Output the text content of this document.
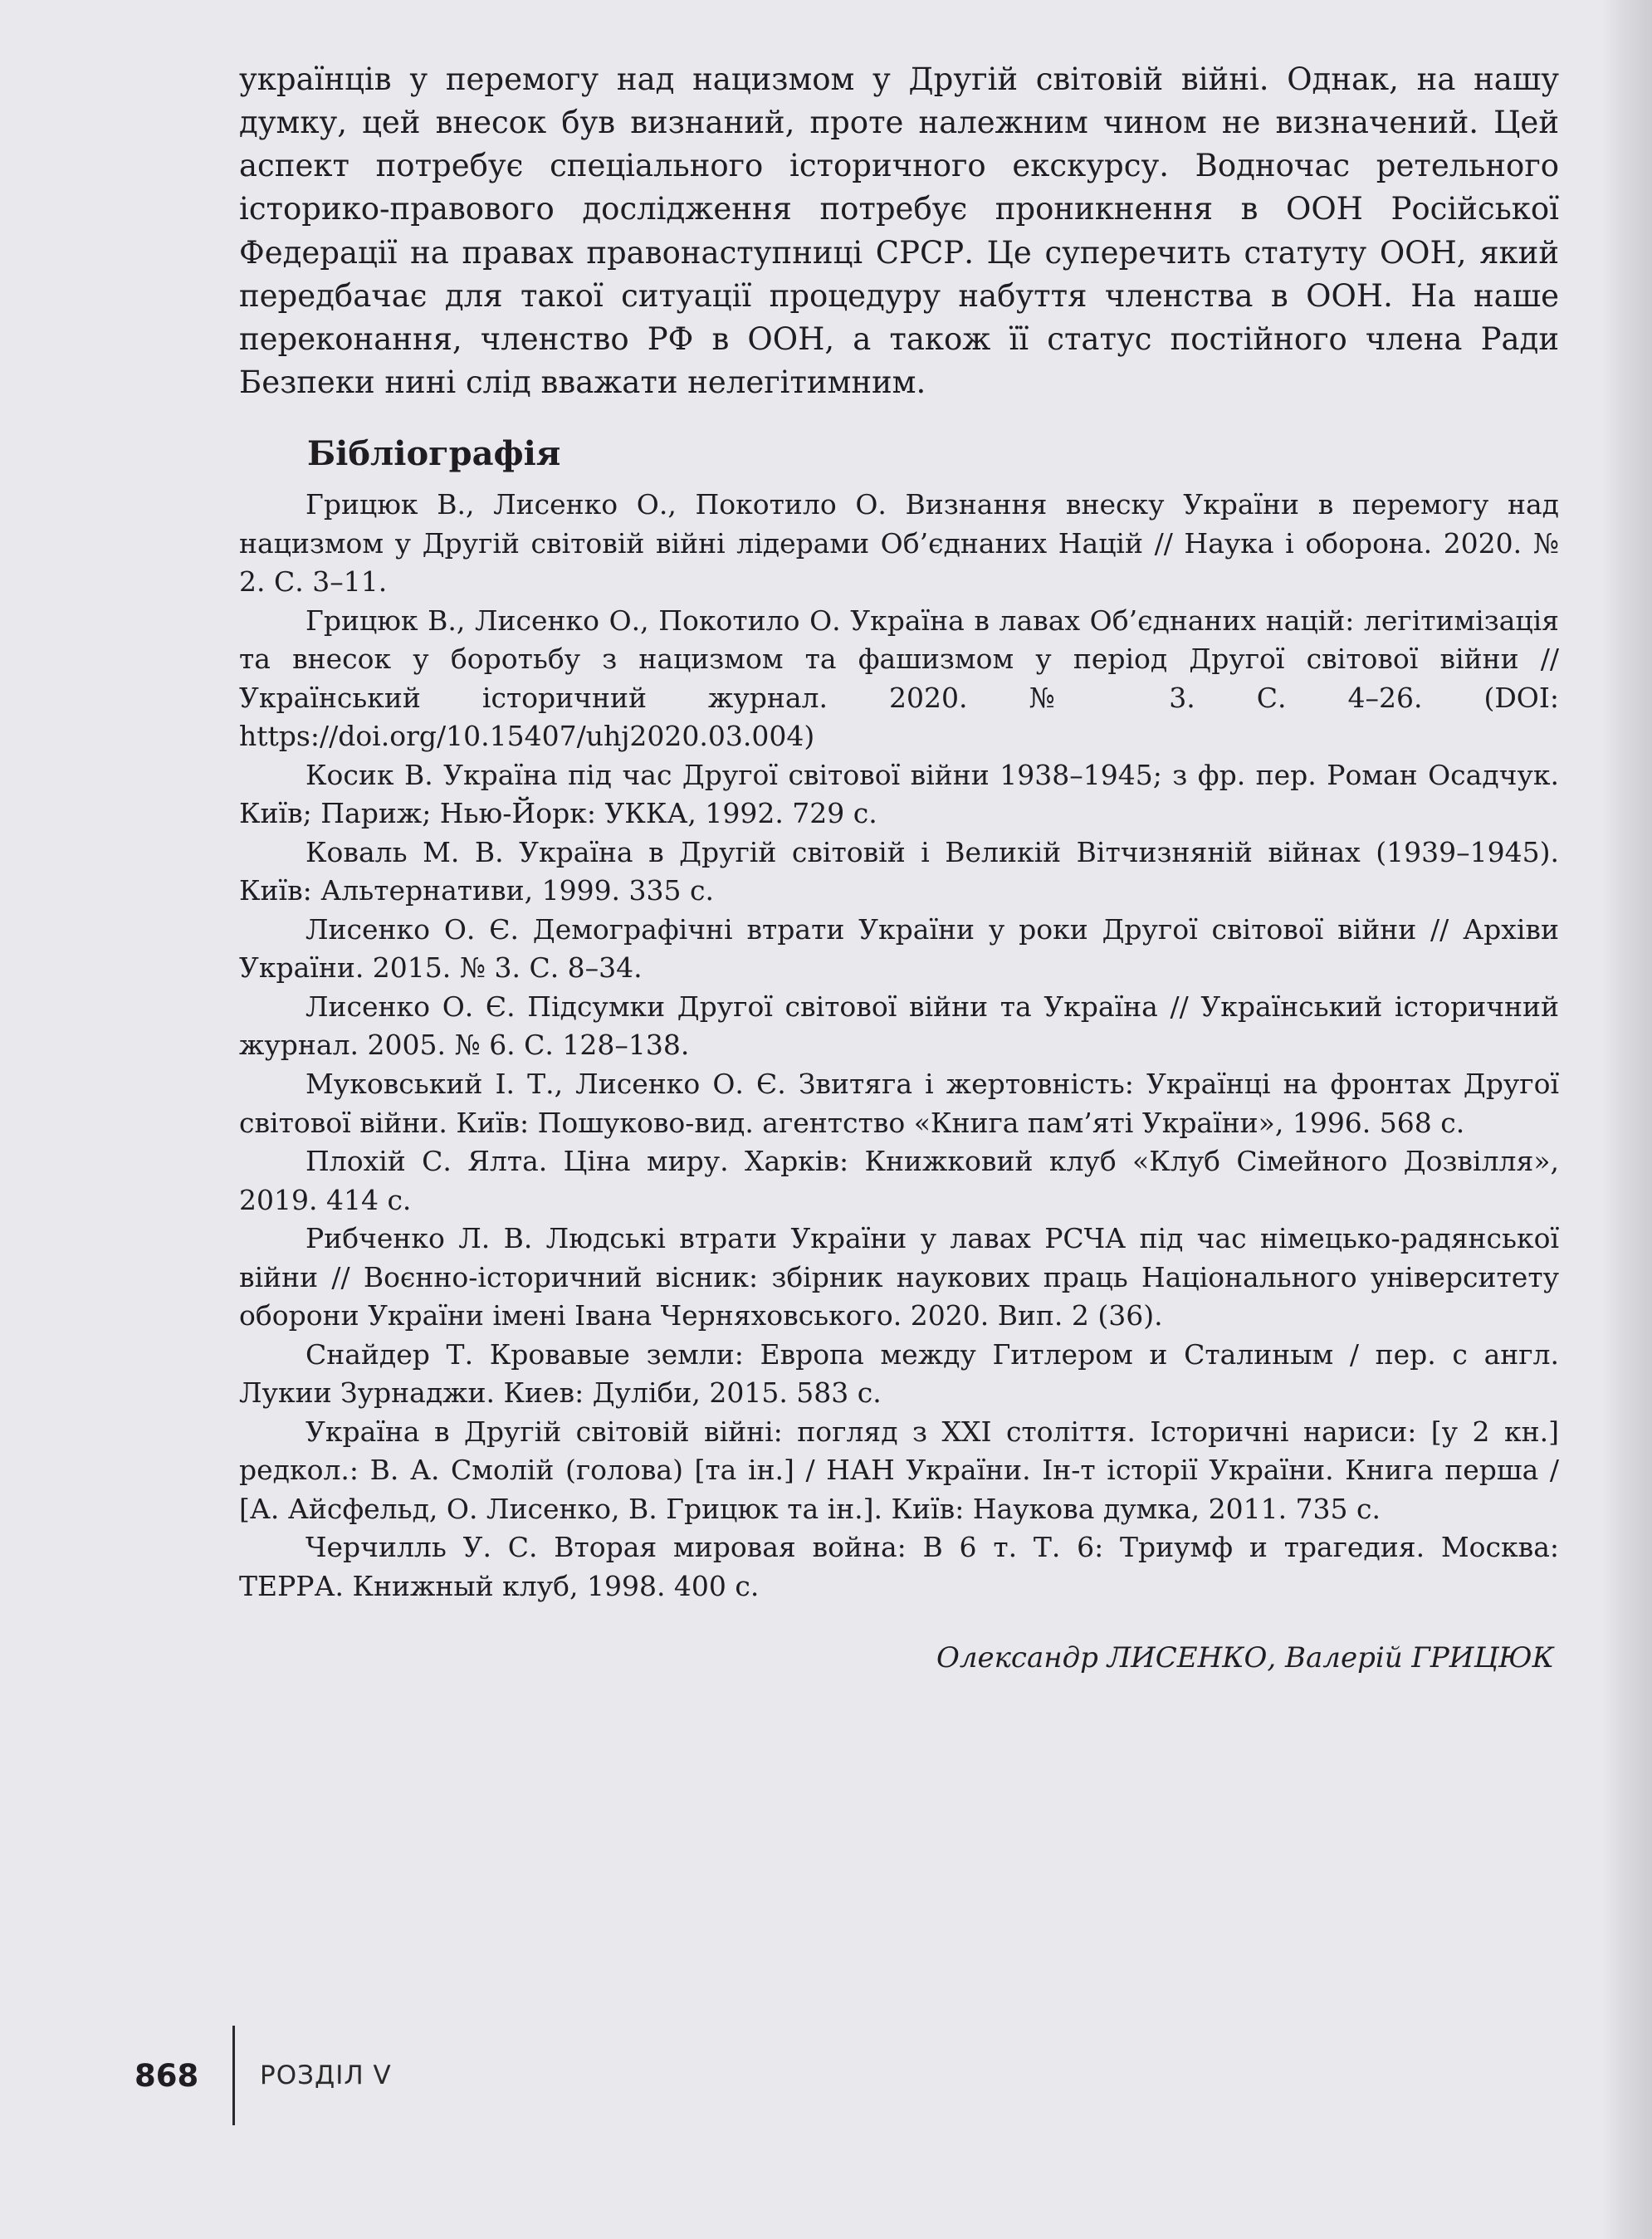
українців у перемогу над нацизмом у Другій світовій війні. Однак, на нашу думку, цей внесок був визнаний, проте належним чином не визначений. Цей аспект потребує спеціального історичного екскурсу. Водночас ретельного історико-правового дослідження потребує проникнення в ООН Російської Федерації на правах правонаступниці СРСР. Це суперечить статуту ООН, який передбачає для такої ситуації процедуру набуття членства в ООН. На наше переконання, членство РФ в ООН, а також її статус постійного члена Ради Безпеки нині слід вважати нелегітимним.

Бібліографія
Грицюк В., Лисенко О., Покотило О. Визнання внеску України в перемогу над нацизмом у Другій світовій війні лідерами Об’єднаних Націй // Наука і оборона. 2020. № 2. С. 3–11.
Грицюк В., Лисенко О., Покотило О. Україна в лавах Об’єднаних націй: легітимізація та внесок у боротьбу з нацизмом та фашизмом у період Другої світової війни // Український історичний журнал. 2020. № 3. С. 4–26. (DOI: https://doi.org/10.15407/uhj2020.03.004)
Косик В. Україна під час Другої світової війни 1938–1945; з фр. пер. Роман Осадчук. Київ; Париж; Нью-Йорк: УККА, 1992. 729 с.
Коваль М. В. Україна в Другій світовій і Великій Вітчизняній війнах (1939–1945). Київ: Альтернативи, 1999. 335 с.
Лисенко О. Є. Демографічні втрати України у роки Другої світової війни // Архіви України. 2015. № 3. С. 8–34.
Лисенко О. Є. Підсумки Другої світової війни та Україна // Український історичний журнал. 2005. № 6. С. 128–138.
Муковський І. Т., Лисенко О. Є. Звитяга і жертовність: Українці на фронтах Другої світової війни. Київ: Пошуково-вид. агентство «Книга пам’яті України», 1996. 568 с.
Плохій С. Ялта. Ціна миру. Харків: Книжковий клуб «Клуб Сімейного Дозвілля», 2019. 414 с.
Рибченко Л. В. Людські втрати України у лавах РСЧА під час німецько-радянської війни // Воєнно-історичний вісник: збірник наукових праць Національного університету оборони України імені Івана Черняховського. 2020. Вип. 2 (36).
Снайдер Т. Кровавые земли: Европа между Гитлером и Сталиным / пер. с англ. Лукии Зурнаджи. Киев: Дуліби, 2015. 583 с.
Україна в Другій світовій війні: погляд з XXI століття. Історичні нариси: [у 2 кн.] редкол.: В. А. Смолій (голова) [та ін.] / НАН України. Ін-т історії України. Книга перша / [А. Айсфельд, О. Лисенко, В. Грицюк та ін.]. Київ: Наукова думка, 2011. 735 с.
Черчилль У. С. Вторая мировая война: В 6 т. Т. 6: Триумф и трагедия. Москва: ТЕРРА. Книжный клуб, 1998. 400 с.
Олександр ЛИСЕНКО, Валерій ГРИЦЮК
868	РОЗДІЛ V
